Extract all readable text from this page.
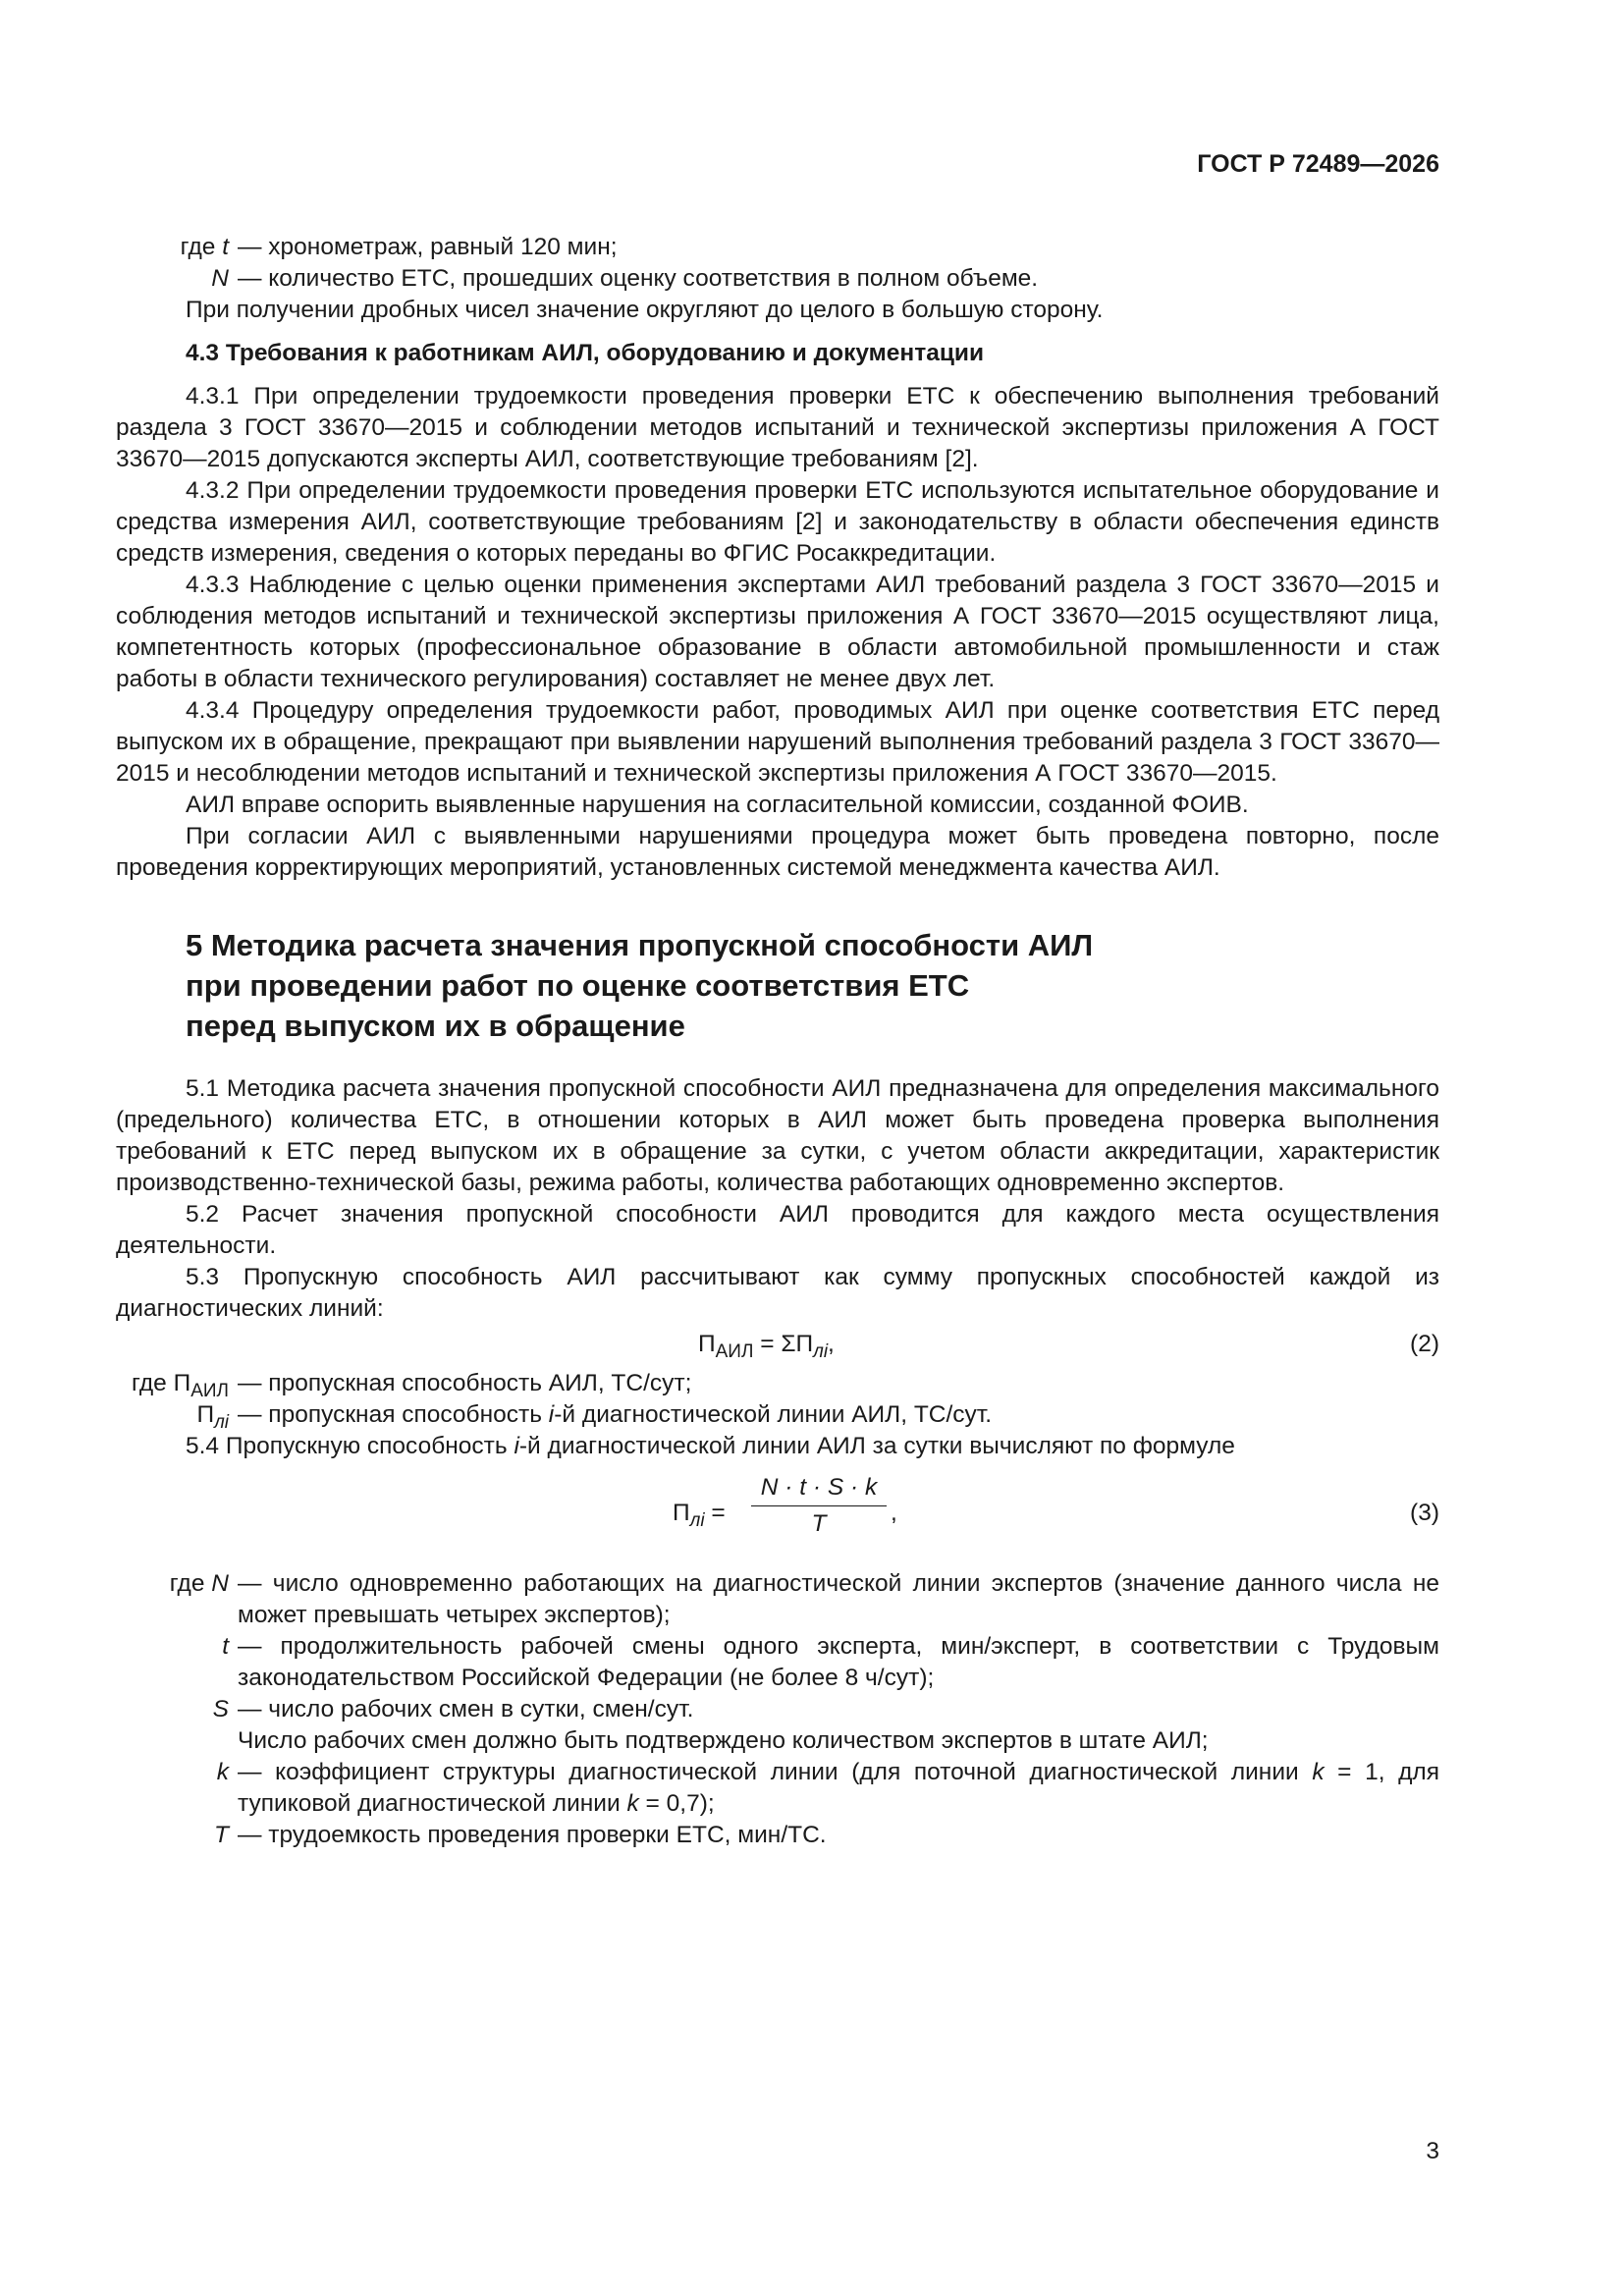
ГОСТ Р 72489—2026
где t — хронометраж, равный 120 мин;
N — количество ЕТС, прошедших оценку соответствия в полном объеме.

При получении дробных чисел значение округляют до целого в большую сторону.

4.3 Требования к работникам АИЛ, оборудованию и документации

4.3.1 При определении трудоемкости проведения проверки ЕТС к обеспечению выполнения требований раздела 3 ГОСТ 33670—2015 и соблюдении методов испытаний и технической экспертизы приложения А ГОСТ 33670—2015 допускаются эксперты АИЛ, соответствующие требованиям [2].

4.3.2 При определении трудоемкости проведения проверки ЕТС используются испытательное оборудование и средства измерения АИЛ, соответствующие требованиям [2] и законодательству в области обеспечения единств средств измерения, сведения о которых переданы во ФГИС Росаккредитации.

4.3.3 Наблюдение с целью оценки применения экспертами АИЛ требований раздела 3 ГОСТ 33670—2015 и соблюдения методов испытаний и технической экспертизы приложения А ГОСТ 33670—2015 осуществляют лица, компетентность которых (профессиональное образование в области автомобильной промышленности и стаж работы в области технического регулирования) составляет не менее двух лет.

4.3.4 Процедуру определения трудоемкости работ, проводимых АИЛ при оценке соответствия ЕТС перед выпуском их в обращение, прекращают при выявлении нарушений выполнения требований раздела 3 ГОСТ 33670—2015 и несоблюдении методов испытаний и технической экспертизы приложения А ГОСТ 33670—2015.

АИЛ вправе оспорить выявленные нарушения на согласительной комиссии, созданной ФОИВ.

При согласии АИЛ с выявленными нарушениями процедура может быть проведена повторно, после проведения корректирующих мероприятий, установленных системой менеджмента качества АИЛ.

5 Методика расчета значения пропускной способности АИЛ
при проведении работ по оценке соответствия ЕТС
перед выпуском их в обращение

5.1 Методика расчета значения пропускной способности АИЛ предназначена для определения максимального (предельного) количества ЕТС, в отношении которых в АИЛ может быть проведена проверка выполнения требований к ЕТС перед выпуском их в обращение за сутки, с учетом области аккредитации, характеристик производственно-технической базы, режима работы, количества работающих одновременно экспертов.

5.2 Расчет значения пропускной способности АИЛ проводится для каждого места осуществления деятельности.

5.3 Пропускную способность АИЛ рассчитывают как сумму пропускных способностей каждой из диагностических линий:

$П_{АИЛ} = \Sigma П_{лi}$,	(2)
где $П_{АИЛ}$ — пропускная способность АИЛ, ТС/сут;
$П_{лi}$ — пропускная способность i-й диагностической линии АИЛ, ТС/сут.

5.4 Пропускную способность i-й диагностической линии АИЛ за сутки вычисляют по формуле

$П_{лi}$ =
N · t · S · k
T	,	(3)
где N — число одновременно работающих на диагностической линии экспертов (значение данного числа не может превышать четырех экспертов);
t — продолжительность рабочей смены одного эксперта, мин/эксперт, в соответствии с Трудовым законодательством Российской Федерации (не более 8 ч/сут);
S — число рабочих смен в сутки, смен/сут.
Число рабочих смен должно быть подтверждено количеством экспертов в штате АИЛ;
k — коэффициент структуры диагностической линии (для поточной диагностической линии k = 1, для тупиковой диагностической линии k = 0,7);
T — трудоемкость проведения проверки ЕТС, мин/ТС.
3
